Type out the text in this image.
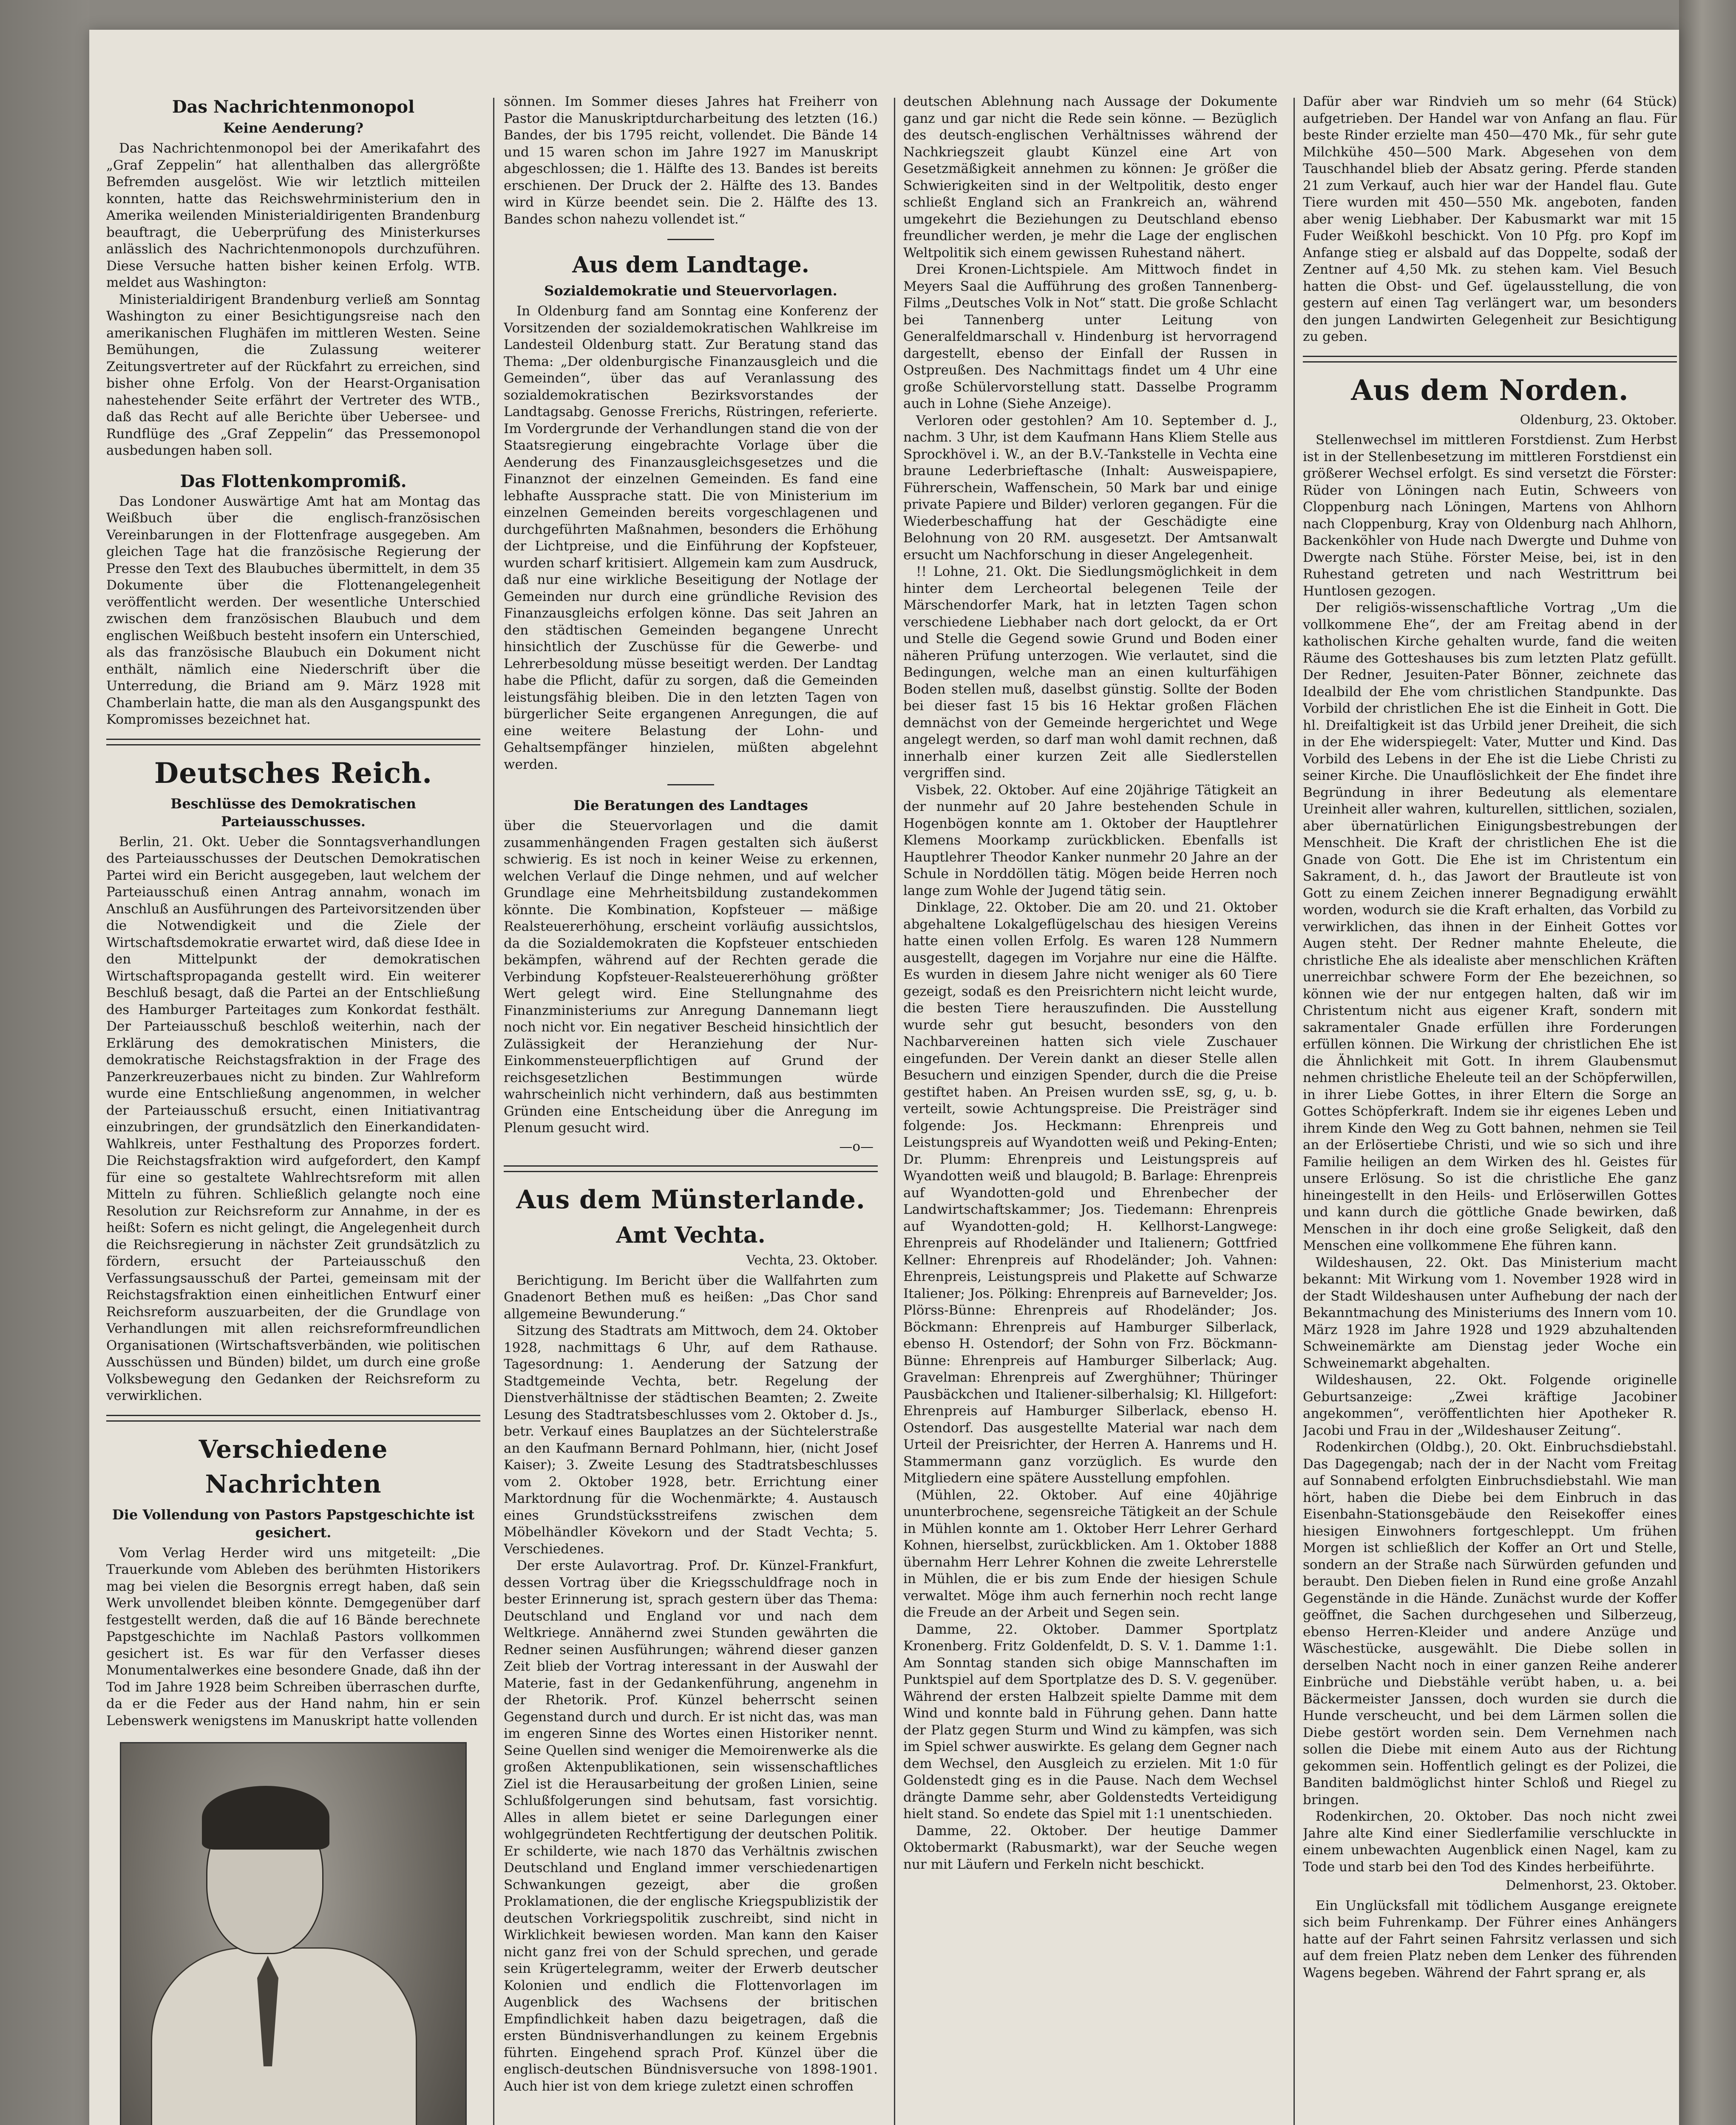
Das Nachrichtenmonopol
Keine Aenderung?

Das Nachrichtenmonopol bei der Amerikafahrt des „Graf Zeppelin“ hat allenthalben das allergrößte Befremden ausgelöst. Wie wir letztlich mitteilen konnten, hatte das Reichswehrministerium den in Amerika weilenden Ministerialdirigenten Brandenburg beauftragt, die Ueberprüfung des Ministerkurses anlässlich des Nachrichtenmonopols durchzuführen. Diese Versuche hatten bisher keinen Erfolg. WTB. meldet aus Washington:

Ministerialdirigent Brandenburg verließ am Sonntag Washington zu einer Besichtigungsreise nach den amerikanischen Flughäfen im mittleren Westen. Seine Bemühungen, die Zulassung weiterer Zeitungsvertreter auf der Rückfahrt zu erreichen, sind bisher ohne Erfolg. Von der Hearst-Organisation nahestehender Seite erfährt der Vertreter des WTB., daß das Recht auf alle Berichte über Uebersee- und Rundflüge des „Graf Zeppelin“ das Pressemonopol ausbedungen haben soll.

Das Flottenkompromiß.

Das Londoner Auswärtige Amt hat am Montag das Weißbuch über die englisch-französischen Vereinbarungen in der Flottenfrage ausgegeben. Am gleichen Tage hat die französische Regierung der Presse den Text des Blaubuches übermittelt, in dem 35 Dokumente über die Flottenangelegenheit veröffentlicht werden. Der wesentliche Unterschied zwischen dem französischen Blaubuch und dem englischen Weißbuch besteht insofern ein Unterschied, als das französische Blaubuch ein Dokument nicht enthält, nämlich eine Niederschrift über die Unterredung, die Briand am 9. März 1928 mit Chamberlain hatte, die man als den Ausgangspunkt des Kompromisses bezeichnet hat.

Deutsches Reich.
Beschlüsse des Demokratischen Parteiausschusses.

Berlin, 21. Okt. Ueber die Sonntagsverhandlungen des Parteiausschusses der Deutschen Demokratischen Partei wird ein Bericht ausgegeben, laut welchem der Parteiausschuß einen Antrag annahm, wonach im Anschluß an Ausführungen des Parteivorsitzenden über die Notwendigkeit und die Ziele der Wirtschaftsdemokratie erwartet wird, daß diese Idee in den Mittelpunkt der demokratischen Wirtschaftspropaganda gestellt wird. Ein weiterer Beschluß besagt, daß die Partei an der Entschließung des Hamburger Parteitages zum Konkordat festhält. Der Parteiausschuß beschloß weiterhin, nach der Erklärung des demokratischen Ministers, die demokratische Reichstagsfraktion in der Frage des Panzerkreuzerbaues nicht zu binden. Zur Wahlreform wurde eine Entschließung angenommen, in welcher der Parteiausschuß ersucht, einen Initiativantrag einzubringen, der grundsätzlich den Einerkandidaten-Wahlkreis, unter Festhaltung des Proporzes fordert. Die Reichstagsfraktion wird aufgefordert, den Kampf für eine so gestaltete Wahlrechtsreform mit allen Mitteln zu führen. Schließlich gelangte noch eine Resolution zur Reichsreform zur Annahme, in der es heißt: Sofern es nicht gelingt, die Angelegenheit durch die Reichsregierung in nächster Zeit grundsätzlich zu fördern, ersucht der Parteiausschuß den Verfassungsausschuß der Partei, gemeinsam mit der Reichstagsfraktion einen einheitlichen Entwurf einer Reichsreform auszuarbeiten, der die Grundlage von Verhandlungen mit allen reichsreformfreundlichen Organisationen (Wirtschaftsverbänden, wie politischen Ausschüssen und Bünden) bildet, um durch eine große Volksbewegung den Gedanken der Reichsreform zu verwirklichen.

Verschiedene Nachrichten
Die Vollendung von Pastors Papstgeschichte ist gesichert.

Vom Verlag Herder wird uns mitgeteilt: „Die Trauerkunde vom Ableben des berühmten Historikers mag bei vielen die Besorgnis erregt haben, daß sein Werk unvollendet bleiben könnte. Demgegenüber darf festgestellt werden, daß die auf 16 Bände berechnete Papstgeschichte im Nachlaß Pastors vollkommen gesichert ist. Es war für den Verfasser dieses Monumentalwerkes eine besondere Gnade, daß ihn der Tod im Jahre 1928 beim Schreiben überraschen durfte, da er die Feder aus der Hand nahm, hin er sein Lebenswerk wenigstens im Manuskript hatte vollenden

sönnen. Im Sommer dieses Jahres hat Freiherr von Pastor die Manuskriptdurcharbeitung des letzten (16.) Bandes, der bis 1795 reicht, vollendet. Die Bände 14 und 15 waren schon im Jahre 1927 im Manuskript abgeschlossen; die 1. Hälfte des 13. Bandes ist bereits erschienen. Der Druck der 2. Hälfte des 13. Bandes wird in Kürze beendet sein. Die 2. Hälfte des 13. Bandes schon nahezu vollendet ist.“

Aus dem Landtage.
Sozialdemokratie und Steuervorlagen.

In Oldenburg fand am Sonntag eine Konferenz der Vorsitzenden der sozialdemokratischen Wahlkreise im Landesteil Oldenburg statt. Zur Beratung stand das Thema: „Der oldenburgische Finanzausgleich und die Gemeinden“, über das auf Veranlassung des sozialdemokratischen Bezirksvorstandes der Landtagsabg. Genosse Frerichs, Rüstringen, referierte. Im Vordergrunde der Verhandlungen stand die von der Staatsregierung eingebrachte Vorlage über die Aenderung des Finanzausgleichsgesetzes und die Finanznot der einzelnen Gemeinden. Es fand eine lebhafte Aussprache statt. Die von Ministerium im einzelnen Gemeinden bereits vorgeschlagenen und durchgeführten Maßnahmen, besonders die Erhöhung der Lichtpreise, und die Einführung der Kopfsteuer, wurden scharf kritisiert. Allgemein kam zum Ausdruck, daß nur eine wirkliche Beseitigung der Notlage der Gemeinden nur durch eine gründliche Revision des Finanzausgleichs erfolgen könne. Das seit Jahren an den städtischen Gemeinden begangene Unrecht hinsichtlich der Zuschüsse für die Gewerbe- und Lehrerbesoldung müsse beseitigt werden. Der Landtag habe die Pflicht, dafür zu sorgen, daß die Gemeinden leistungsfähig bleiben. Die in den letzten Tagen von bürgerlicher Seite ergangenen Anregungen, die auf eine weitere Belastung der Lohn- und Gehaltsempfänger hinzielen, müßten abgelehnt werden.

Die Beratungen des Landtages

über die Steuervorlagen und die damit zusammenhängenden Fragen gestalten sich äußerst schwierig. Es ist noch in keiner Weise zu erkennen, welchen Verlauf die Dinge nehmen, und auf welcher Grundlage eine Mehrheitsbildung zustandekommen könnte. Die Kombination, Kopfsteuer — mäßige Realsteuererhöhung, erscheint vorläufig aussichtslos, da die Sozialdemokraten die Kopfsteuer entschieden bekämpfen, während auf der Rechten gerade die Verbindung Kopfsteuer-Realsteuererhöhung größter Wert gelegt wird. Eine Stellungnahme des Finanzministeriums zur Anregung Dannemann liegt noch nicht vor. Ein negativer Bescheid hinsichtlich der Zulässigkeit der Heranziehung der Nur-Einkommensteuerpflichtigen auf Grund der reichsgesetzlichen Bestimmungen würde wahrscheinlich nicht verhindern, daß aus bestimmten Gründen eine Entscheidung über die Anregung im Plenum gesucht wird.

—o—
Aus dem Münsterlande.
Amt Vechta.
Vechta, 23. Oktober.

Berichtigung. Im Bericht über die Wallfahrten zum Gnadenort Bethen muß es heißen: „Das Chor sand allgemeine Bewunderung.“

Sitzung des Stadtrats am Mittwoch, dem 24. Oktober 1928, nachmittags 6 Uhr, auf dem Rathause. Tagesordnung: 1. Aenderung der Satzung der Stadtgemeinde Vechta, betr. Regelung der Dienstverhältnisse der städtischen Beamten; 2. Zweite Lesung des Stadtratsbeschlusses vom 2. Oktober d. Js., betr. Verkauf eines Bauplatzes an der Süchtelerstraße an den Kaufmann Bernard Pohlmann, hier, (nicht Josef Kaiser); 3. Zweite Lesung des Stadtratsbeschlusses vom 2. Oktober 1928, betr. Errichtung einer Marktordnung für die Wochenmärkte; 4. Austausch eines Grundstücksstreifens zwischen dem Möbelhändler Kövekorn und der Stadt Vechta; 5. Verschiedenes.

Der erste Aulavortrag. Prof. Dr. Künzel-Frankfurt, dessen Vortrag über die Kriegsschuldfrage noch in bester Erinnerung ist, sprach gestern über das Thema: Deutschland und England vor und nach dem Weltkriege. Annähernd zwei Stunden gewährten die Redner seinen Ausführungen; während dieser ganzen Zeit blieb der Vortrag interessant in der Auswahl der Materie, fast in der Gedankenführung, angenehm in der Rhetorik. Prof. Künzel beherrscht seinen Gegenstand durch und durch. Er ist nicht das, was man im engeren Sinne des Wortes einen Historiker nennt. Seine Quellen sind weniger die Memoirenwerke als die großen Aktenpublikationen, sein wissenschaftliches Ziel ist die Herausarbeitung der großen Linien, seine Schlußfolgerungen sind behutsam, fast vorsichtig. Alles in allem bietet er seine Darlegungen einer wohlgegründeten Rechtfertigung der deutschen Politik. Er schilderte, wie nach 1870 das Verhältnis zwischen Deutschland und England immer verschiedenartigen Schwankungen gezeigt, aber die großen Proklamationen, die der englische Kriegspublizistik der deutschen Vorkriegspolitik zuschreibt, sind nicht in Wirklichkeit bewiesen worden. Man kann den Kaiser nicht ganz frei von der Schuld sprechen, und gerade sein Krügertelegramm, weiter der Erwerb deutscher Kolonien und endlich die Flottenvorlagen im Augenblick des Wachsens der britischen Empfindlichkeit haben dazu beigetragen, daß die ersten Bündnisverhandlungen zu keinem Ergebnis führten. Eingehend sprach Prof. Künzel über die englisch-deutschen Bündnisversuche von 1898-1901. Auch hier ist von dem kriege zuletzt einen schroffen

deutschen Ablehnung nach Aussage der Dokumente ganz und gar nicht die Rede sein könne. — Bezüglich des deutsch-englischen Verhältnisses während der Nachkriegszeit glaubt Künzel eine Art von Gesetzmäßigkeit annehmen zu können: Je größer die Schwierigkeiten sind in der Weltpolitik, desto enger schließt England sich an Frankreich an, während umgekehrt die Beziehungen zu Deutschland ebenso freundlicher werden, je mehr die Lage der englischen Weltpolitik sich einem gewissen Ruhestand nähert.

Drei Kronen-Lichtspiele. Am Mittwoch findet in Meyers Saal die Aufführung des großen Tannenberg-Films „Deutsches Volk in Not“ statt. Die große Schlacht bei Tannenberg unter Leitung von Generalfeldmarschall v. Hindenburg ist hervorragend dargestellt, ebenso der Einfall der Russen in Ostpreußen. Des Nachmittags findet um 4 Uhr eine große Schülervorstellung statt. Dasselbe Programm auch in Lohne (Siehe Anzeige).

Verloren oder gestohlen? Am 10. September d. J., nachm. 3 Uhr, ist dem Kaufmann Hans Kliem Stelle aus Sprockhövel i. W., an der B.V.-Tankstelle in Vechta eine braune Lederbrieftasche (Inhalt: Ausweispapiere, Führerschein, Waffenschein, 50 Mark bar und einige private Papiere und Bilder) verloren gegangen. Für die Wiederbeschaffung hat der Geschädigte eine Belohnung von 20 RM. ausgesetzt. Der Amtsanwalt ersucht um Nachforschung in dieser Angelegenheit.

!! Lohne, 21. Okt. Die Siedlungsmöglichkeit in dem hinter dem Lercheortal belegenen Teile der Märschendorfer Mark, hat in letzten Tagen schon verschiedene Liebhaber nach dort gelockt, da er Ort und Stelle die Gegend sowie Grund und Boden einer näheren Prüfung unterzogen. Wie verlautet, sind die Bedingungen, welche man an einen kulturfähigen Boden stellen muß, daselbst günstig. Sollte der Boden bei dieser fast 15 bis 16 Hektar großen Flächen demnächst von der Gemeinde hergerichtet und Wege angelegt werden, so darf man wohl damit rechnen, daß innerhalb einer kurzen Zeit alle Siedlerstellen vergriffen sind.

Visbek, 22. Oktober. Auf eine 20jährige Tätigkeit an der nunmehr auf 20 Jahre bestehenden Schule in Hogenbögen konnte am 1. Oktober der Hauptlehrer Klemens Moorkamp zurückblicken. Ebenfalls ist Hauptlehrer Theodor Kanker nunmehr 20 Jahre an der Schule in Norddöllen tätig. Mögen beide Herren noch lange zum Wohle der Jugend tätig sein.

Dinklage, 22. Oktober. Die am 20. und 21. Oktober abgehaltene Lokalgeflügelschau des hiesigen Vereins hatte einen vollen Erfolg. Es waren 128 Nummern ausgestellt, dagegen im Vorjahre nur eine die Hälfte. Es wurden in diesem Jahre nicht weniger als 60 Tiere gezeigt, sodaß es den Preisrichtern nicht leicht wurde, die besten Tiere herauszufinden. Die Ausstellung wurde sehr gut besucht, besonders von den Nachbarvereinen hatten sich viele Zuschauer eingefunden. Der Verein dankt an dieser Stelle allen Besuchern und einzigen Spender, durch die die Preise gestiftet haben. An Preisen wurden ssE, sg, g, u. b. verteilt, sowie Achtungspreise. Die Preisträger sind folgende: Jos. Heckmann: Ehrenpreis und Leistungspreis auf Wyandotten weiß und Peking-Enten; Dr. Plumm: Ehrenpreis und Leistungspreis auf Wyandotten weiß und blaugold; B. Barlage: Ehrenpreis auf Wyandotten-gold und Ehrenbecher der Landwirtschaftskammer; Jos. Tiedemann: Ehrenpreis auf Wyandotten-gold; H. Kellhorst-Langwege: Ehrenpreis auf Rhodeländer und Italienern; Gottfried Kellner: Ehrenpreis auf Rhodeländer; Joh. Vahnen: Ehrenpreis, Leistungspreis und Plakette auf Schwarze Italiener; Jos. Pölking: Ehrenpreis auf Barnevelder; Jos. Plörss-Bünne: Ehrenpreis auf Rhodeländer; Jos. Böckmann: Ehrenpreis auf Hamburger Silberlack, ebenso H. Ostendorf; der Sohn von Frz. Böckmann-Bünne: Ehrenpreis auf Hamburger Silberlack; Aug. Gravelman: Ehrenpreis auf Zwerghühner; Thüringer Pausbäckchen und Italiener-silberhalsig; Kl. Hillgefort: Ehrenpreis auf Hamburger Silberlack, ebenso H. Ostendorf. Das ausgestellte Material war nach dem Urteil der Preisrichter, der Herren A. Hanrems und H. Stammermann ganz vorzüglich. Es wurde den Mitgliedern eine spätere Ausstellung empfohlen.

(Mühlen, 22. Oktober. Auf eine 40jährige ununterbrochene, segensreiche Tätigkeit an der Schule in Mühlen konnte am 1. Oktober Herr Lehrer Gerhard Kohnen, hierselbst, zurückblicken. Am 1. Oktober 1888 übernahm Herr Lehrer Kohnen die zweite Lehrerstelle in Mühlen, die er bis zum Ende der hiesigen Schule verwaltet. Möge ihm auch fernerhin noch recht lange die Freude an der Arbeit und Segen sein.

Damme, 22. Oktober. Dammer Sportplatz Kronenberg. Fritz Goldenfeldt, D. S. V. 1. Damme 1:1. Am Sonntag standen sich obige Mannschaften im Punktspiel auf dem Sportplatze des D. S. V. gegenüber. Während der ersten Halbzeit spielte Damme mit dem Wind und konnte bald in Führung gehen. Dann hatte der Platz gegen Sturm und Wind zu kämpfen, was sich im Spiel schwer auswirkte. Es gelang dem Gegner nach dem Wechsel, den Ausgleich zu erzielen. Mit 1:0 für Goldenstedt ging es in die Pause. Nach dem Wechsel drängte Damme sehr, aber Goldenstedts Verteidigung hielt stand. So endete das Spiel mit 1:1 unentschieden.

Damme, 22. Oktober. Der heutige Dammer Oktobermarkt (Rabusmarkt), war der Seuche wegen nur mit Läufern und Ferkeln nicht beschickt.

Dafür aber war Rindvieh um so mehr (64 Stück) aufgetrieben. Der Handel war von Anfang an flau. Für beste Rinder erzielte man 450—470 Mk., für sehr gute Milchkühe 450—500 Mark. Abgesehen von dem Tauschhandel blieb der Absatz gering. Pferde standen 21 zum Verkauf, auch hier war der Handel flau. Gute Tiere wurden mit 450—550 Mk. angeboten, fanden aber wenig Liebhaber. Der Kabusmarkt war mit 15 Fuder Weißkohl beschickt. Von 10 Pfg. pro Kopf im Anfange stieg er alsbald auf das Doppelte, sodaß der Zentner auf 4,50 Mk. zu stehen kam. Viel Besuch hatten die Obst- und Gef. ügelausstellung, die von gestern auf einen Tag verlängert war, um besonders den jungen Landwirten Gelegenheit zur Besichtigung zu geben.

Aus dem Norden.
Oldenburg, 23. Oktober.

Stellenwechsel im mittleren Forstdienst. Zum Herbst ist in der Stellenbesetzung im mittleren Forstdienst ein größerer Wechsel erfolgt. Es sind versetzt die Förster: Rüder von Löningen nach Eutin, Schweers von Cloppenburg nach Löningen, Martens von Ahlhorn nach Cloppenburg, Kray von Oldenburg nach Ahlhorn, Backenköhler von Hude nach Dwergte und Duhme von Dwergte nach Stühe. Förster Meise, bei, ist in den Ruhestand getreten und nach Westrittrum bei Huntlosen gezogen.

Der religiös-wissenschaftliche Vortrag „Um die vollkommene Ehe“, der am Freitag abend in der katholischen Kirche gehalten wurde, fand die weiten Räume des Gotteshauses bis zum letzten Platz gefüllt. Der Redner, Jesuiten-Pater Bönner, zeichnete das Idealbild der Ehe vom christlichen Standpunkte. Das Vorbild der christlichen Ehe ist die Einheit in Gott. Die hl. Dreifaltigkeit ist das Urbild jener Dreiheit, die sich in der Ehe widerspiegelt: Vater, Mutter und Kind. Das Vorbild des Lebens in der Ehe ist die Liebe Christi zu seiner Kirche. Die Unauflöslichkeit der Ehe findet ihre Begründung in ihrer Bedeutung als elementare Ureinheit aller wahren, kulturellen, sittlichen, sozialen, aber übernatürlichen Einigungsbestrebungen der Menschheit. Die Kraft der christlichen Ehe ist die Gnade von Gott. Die Ehe ist im Christentum ein Sakrament, d. h., das Jawort der Brautleute ist von Gott zu einem Zeichen innerer Begnadigung erwählt worden, wodurch sie die Kraft erhalten, das Vorbild zu verwirklichen, das ihnen in der Einheit Gottes vor Augen steht. Der Redner mahnte Eheleute, die christliche Ehe als idealiste aber menschlichen Kräften unerreichbar schwere Form der Ehe bezeichnen, so können wie der nur entgegen halten, daß wir im Christentum nicht aus eigener Kraft, sondern mit sakramentaler Gnade erfüllen ihre Forderungen erfüllen können. Die Wirkung der christlichen Ehe ist die Ähnlichkeit mit Gott. In ihrem Glaubensmut nehmen christliche Eheleute teil an der Schöpferwillen, in ihrer Liebe Gottes, in ihrer Eltern die Sorge an Gottes Schöpferkraft. Indem sie ihr eigenes Leben und ihrem Kinde den Weg zu Gott bahnen, nehmen sie Teil an der Erlösertiebe Christi, und wie so sich und ihre Familie heiligen an dem Wirken des hl. Geistes für unsere Erlösung. So ist die christliche Ehe ganz hineingestellt in den Heils- und Erlöserwillen Gottes und kann durch die göttliche Gnade bewirken, daß Menschen in ihr doch eine große Seligkeit, daß den Menschen eine vollkommene Ehe führen kann.

Wildeshausen, 22. Okt. Das Ministerium macht bekannt: Mit Wirkung vom 1. November 1928 wird in der Stadt Wildeshausen unter Aufhebung der nach der Bekanntmachung des Ministeriums des Innern vom 10. März 1928 im Jahre 1928 und 1929 abzuhaltenden Schweinemärkte am Dienstag jeder Woche ein Schweinemarkt abgehalten.

Wildeshausen, 22. Okt. Folgende originelle Geburtsanzeige: „Zwei kräftige Jacobiner angekommen“, veröffentlichten hier Apotheker R. Jacobi und Frau in der „Wildeshauser Zeitung“.

Rodenkirchen (Oldbg.), 20. Okt. Einbruchsdiebstahl. Das Dagegengab; nach der in der Nacht vom Freitag auf Sonnabend erfolgten Einbruchsdiebstahl. Wie man hört, haben die Diebe bei dem Einbruch in das Eisenbahn-Stationsgebäude den Reisekoffer eines hiesigen Einwohners fortgeschleppt. Um frühen Morgen ist schließlich der Koffer an Ort und Stelle, sondern an der Straße nach Sürwürden gefunden und beraubt. Den Dieben fielen in Rund eine große Anzahl Gegenstände in die Hände. Zunächst wurde der Koffer geöffnet, die Sachen durchgesehen und Silberzeug, ebenso Herren-Kleider und andere Anzüge und Wäschestücke, ausgewählt. Die Diebe sollen in derselben Nacht noch in einer ganzen Reihe anderer Einbrüche und Diebstähle verübt haben, u. a. bei Bäckermeister Janssen, doch wurden sie durch die Hunde verscheucht, und bei dem Lärmen sollen die Diebe gestört worden sein. Dem Vernehmen nach sollen die Diebe mit einem Auto aus der Richtung gekommen sein. Hoffentlich gelingt es der Polizei, die Banditen baldmöglichst hinter Schloß und Riegel zu bringen.

Rodenkirchen, 20. Oktober. Das noch nicht zwei Jahre alte Kind einer Siedlerfamilie verschluckte in einem unbewachten Augenblick einen Nagel, kam zu Tode und starb bei den Tod des Kindes herbeiführte.

Delmenhorst, 23. Oktober.

Ein Unglücksfall mit tödlichem Ausgange ereignete sich beim Fuhrenkamp. Der Führer eines Anhängers hatte auf der Fahrt seinen Fahrsitz verlassen und sich auf dem freien Platz neben dem Lenker des führenden Wagens begeben. Während der Fahrt sprang er, als
